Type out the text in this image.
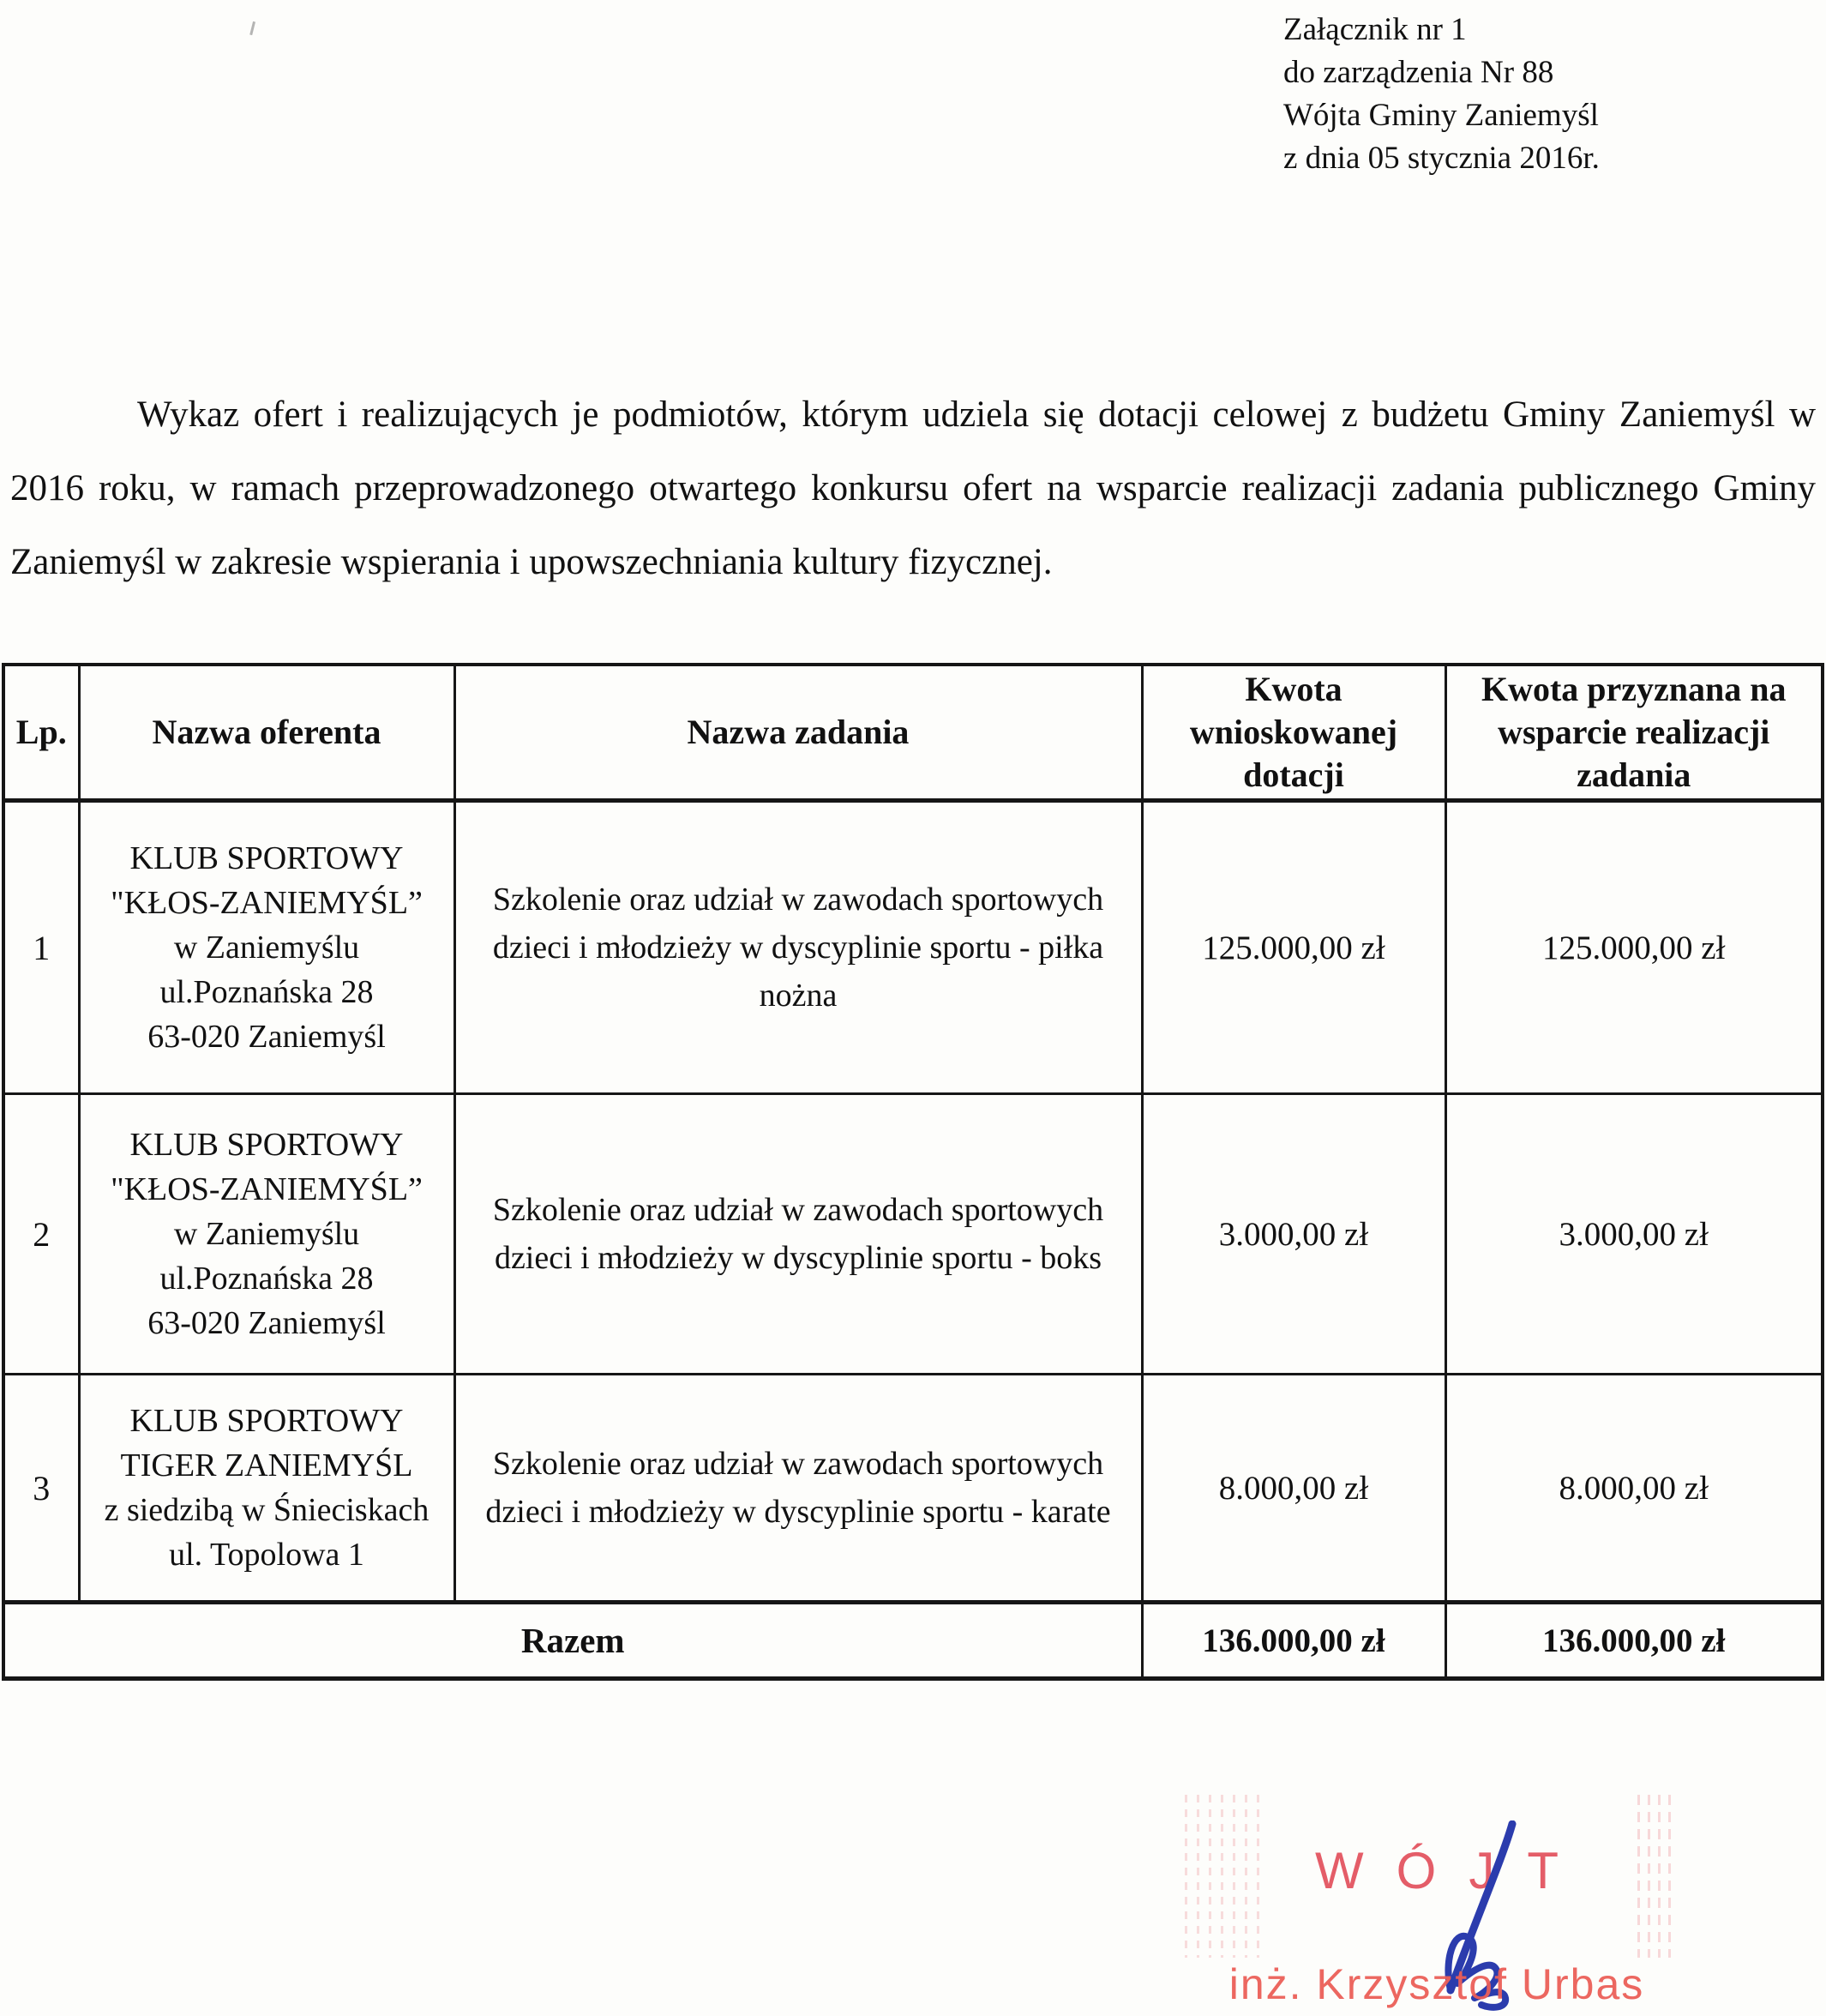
Załącznik nr 1
do zarządzenia Nr 88
Wójta Gminy Zaniemyśl
z dnia 05 stycznia 2016r.

Wykaz ofert i realizujących je podmiotów, którym udziela się dotacji celowej z budżetu Gminy Zaniemyśl w 2016 roku, w ramach przeprowadzonego otwartego konkursu ofert na wsparcie realizacji zadania publicznego Gminy Zaniemyśl w zakresie wspierania i upowszechniania kultury fizycznej.

Lp.	Nazwa oferenta	Nazwa zadania	Kwota wnioskowanej dotacji	Kwota przyznana na wsparcie realizacji zadania
1	KLUB SPORTOWY
"KŁOS-ZANIEMYŚL”
w Zaniemyślu
ul.Poznańska 28
63-020 Zaniemyśl	Szkolenie oraz udział w zawodach sportowych dzieci i młodzieży w dyscyplinie sportu - piłka nożna	125.000,00 zł	125.000,00 zł
2	KLUB SPORTOWY
"KŁOS-ZANIEMYŚL”
w Zaniemyślu
ul.Poznańska 28
63-020 Zaniemyśl	Szkolenie oraz udział w zawodach sportowych dzieci i młodzieży w dyscyplinie sportu - boks	3.000,00 zł	3.000,00 zł
3	KLUB SPORTOWY
TIGER ZANIEMYŚL
z siedzibą w Śnieciskach
ul. Topolowa 1	Szkolenie oraz udział w zawodach sportowych dzieci i młodzieży w dyscyplinie sportu - karate	8.000,00 zł	8.000,00 zł
Razem			136.000,00 zł	136.000,00 zł
WÓJT
inż. Krzysztof Urbas
